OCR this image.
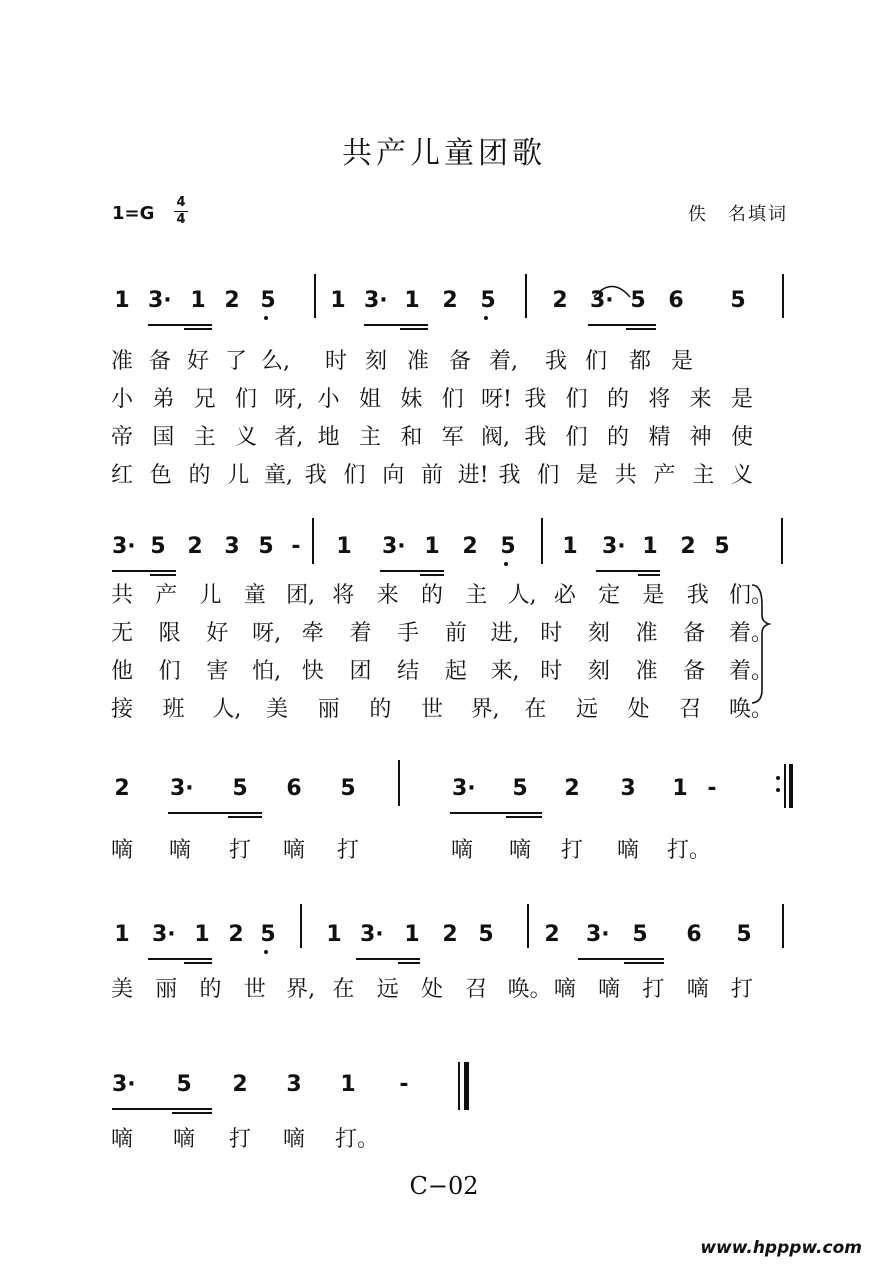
共产儿童团歌
1=G
4
4	佚　名填词
1 3· 1 2 5 1 3· 1 2 5	2 3· 5 6 5
准 备 好 了 么, 时 刻 准 备 着, 我 们 都 是
小 弟 兄 们 呀, 小 姐 妹 们 呀! 我 们 的 将 来 是
帝 国 主 义 者, 地 主 和 军 阀, 我 们 的 精 神 使
红 色 的 儿 童, 我 们 向 前 进! 我 们 是 共 产 主 义
3· 5 2 3 5 - 1 3· 1 2 5 1 3· 1 2 5
共 产 儿 童 团, 将 来 的 主 人, 必 定 是 我 们。
无 限 好 呀, 牵 着 手 前 进, 时 刻 准 备 着。
他 们 害 怕, 快 团 结 起 来, 时 刻 准 备 着。
接 班 人, 美 丽 的 世 界, 在 远 处 召 唤。
2 3· 5 6 5	3· 5 2 3 1 -
嘀 嘀 打 嘀 打	嘀 嘀 打 嘀 打。
1 3· 1 2 5 1 3· 1 2 5 2 3· 5 6 5
美 丽 的 世 界, 在 远 处 召 唤。 嘀 嘀 打 嘀 打
3· 5 2 3 1 -
嘀 嘀 打 嘀 打。
C−02
www.hpppw.com
